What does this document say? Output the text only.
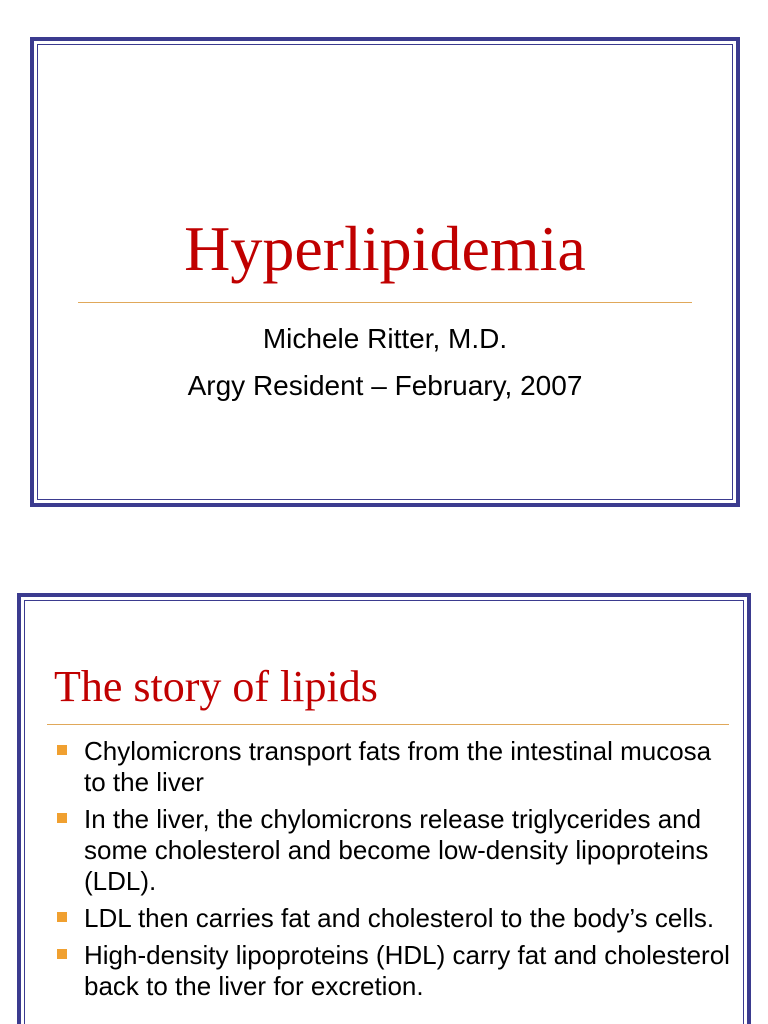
Hyperlipidemia
Michele Ritter, M.D.
Argy Resident – February, 2007
The story of lipids
Chylomicrons transport fats from the intestinal mucosa to the liver
In the liver, the chylomicrons release triglycerides and some cholesterol and become low-density lipoproteins (LDL).
LDL then carries fat and cholesterol to the body’s cells.
High-density lipoproteins (HDL) carry fat and cholesterol back to the liver for excretion.
